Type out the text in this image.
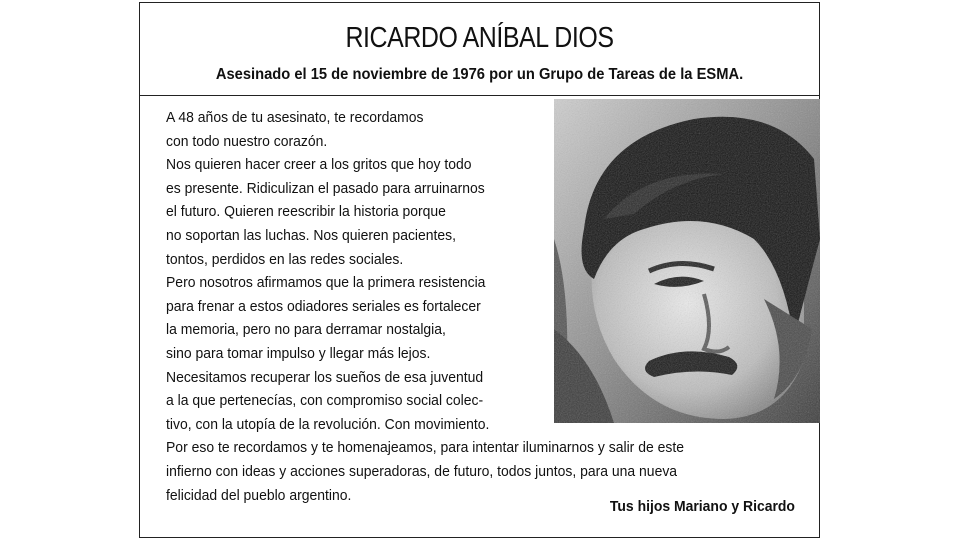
RICARDO ANÍBAL DIOS
Asesinado el 15 de noviembre de 1976 por un Grupo de Tareas de la ESMA.
A 48 años de tu asesinato, te recordamos
con todo nuestro corazón.
Nos quieren hacer creer a los gritos que hoy todo
es presente. Ridiculizan el pasado para arruinarnos
el futuro. Quieren reescribir la historia porque
no soportan las luchas. Nos quieren pacientes,
tontos, perdidos en las redes sociales.
Pero nosotros afirmamos que la primera resistencia
para frenar a estos odiadores seriales es fortalecer
la memoria, pero no para derramar nostalgia,
sino para tomar impulso y llegar más lejos.
Necesitamos recuperar los sueños de esa juventud
a la que pertenecías, con compromiso social colec-
tivo, con la utopía de la revolución. Con movimiento.
Por eso te recordamos y te homenajeamos, para intentar iluminarnos y salir de este
infierno con ideas y acciones superadoras, de futuro, todos juntos, para una nueva
felicidad del pueblo argentino.
Tus hijos Mariano y Ricardo
